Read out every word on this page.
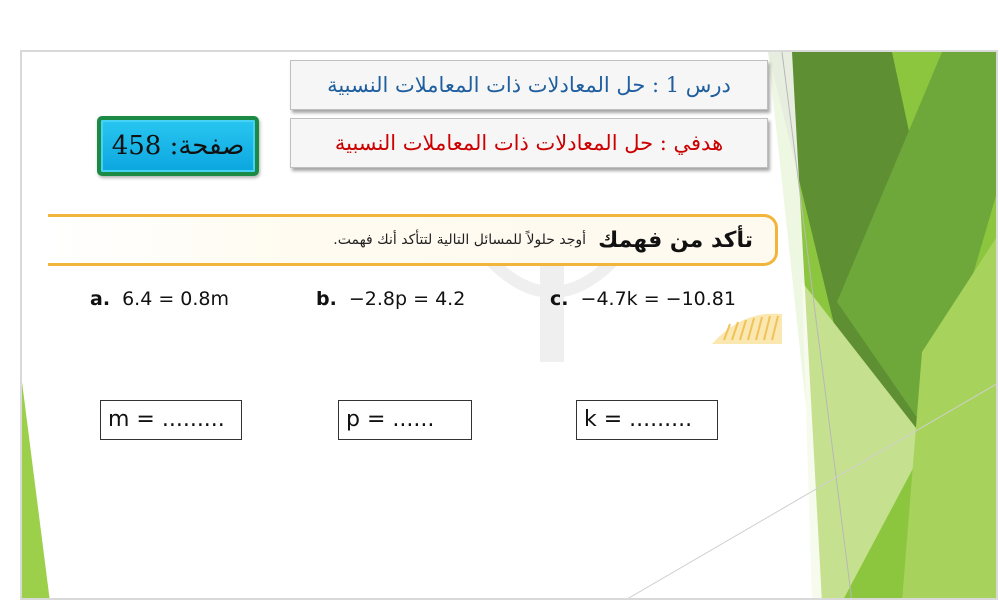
درس 1 : حل المعادلات ذات المعاملات النسبية
هدفي : حل المعادلات ذات المعاملات النسبية
صفحة: 458
تأكد من فهمك
أوجد حلولاً للمسائل التالية لتتأكد أنك فهمت.
a. 6.4 = 0.8m	b. −2.8p = 4.2	c. −4.7k = −10.81
m = .........	p = ......	k = .........
